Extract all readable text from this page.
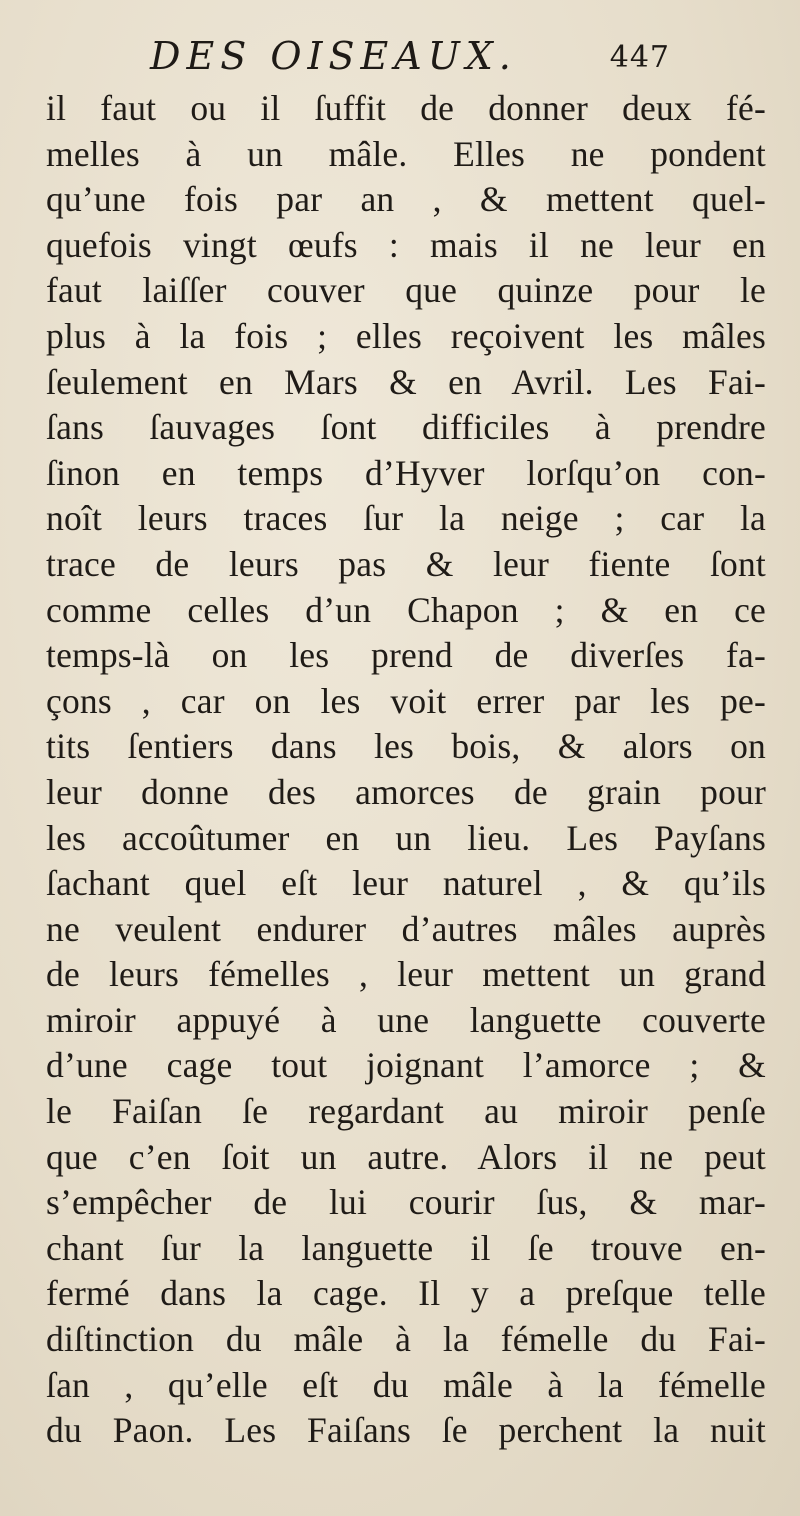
DES OISEAUX.	447
il faut ou il ſuffit de donner deux fé-
melles à un mâle. Elles ne pondent
qu’une fois par an , & mettent quel-
quefois vingt œufs : mais il ne leur en
faut laiſſer couver que quinze pour le
plus à la fois ; elles reçoivent les mâles
ſeulement en Mars & en Avril. Les Fai-
ſans ſauvages ſont difficiles à prendre
ſinon en temps d’Hyver lorſqu’on con-
noît leurs traces ſur la neige ; car la
trace de leurs pas & leur fiente ſont
comme celles d’un Chapon ; & en ce
temps-là on les prend de diverſes fa-
çons , car on les voit errer par les pe-
tits ſentiers dans les bois, & alors on
leur donne des amorces de grain pour
les accoûtumer en un lieu. Les Payſans
ſachant quel eſt leur naturel , & qu’ils
ne veulent endurer d’autres mâles auprès
de leurs fémelles , leur mettent un grand
miroir appuyé à une languette couverte
d’une cage tout joignant l’amorce ; &
le Faiſan ſe regardant au miroir penſe
que c’en ſoit un autre. Alors il ne peut
s’empêcher de lui courir ſus, & mar-
chant ſur la languette il ſe trouve en-
fermé dans la cage. Il y a preſque telle
diſtinction du mâle à la fémelle du Fai-
ſan , qu’elle eſt du mâle à la fémelle
du Paon. Les Faiſans ſe perchent la nuit
